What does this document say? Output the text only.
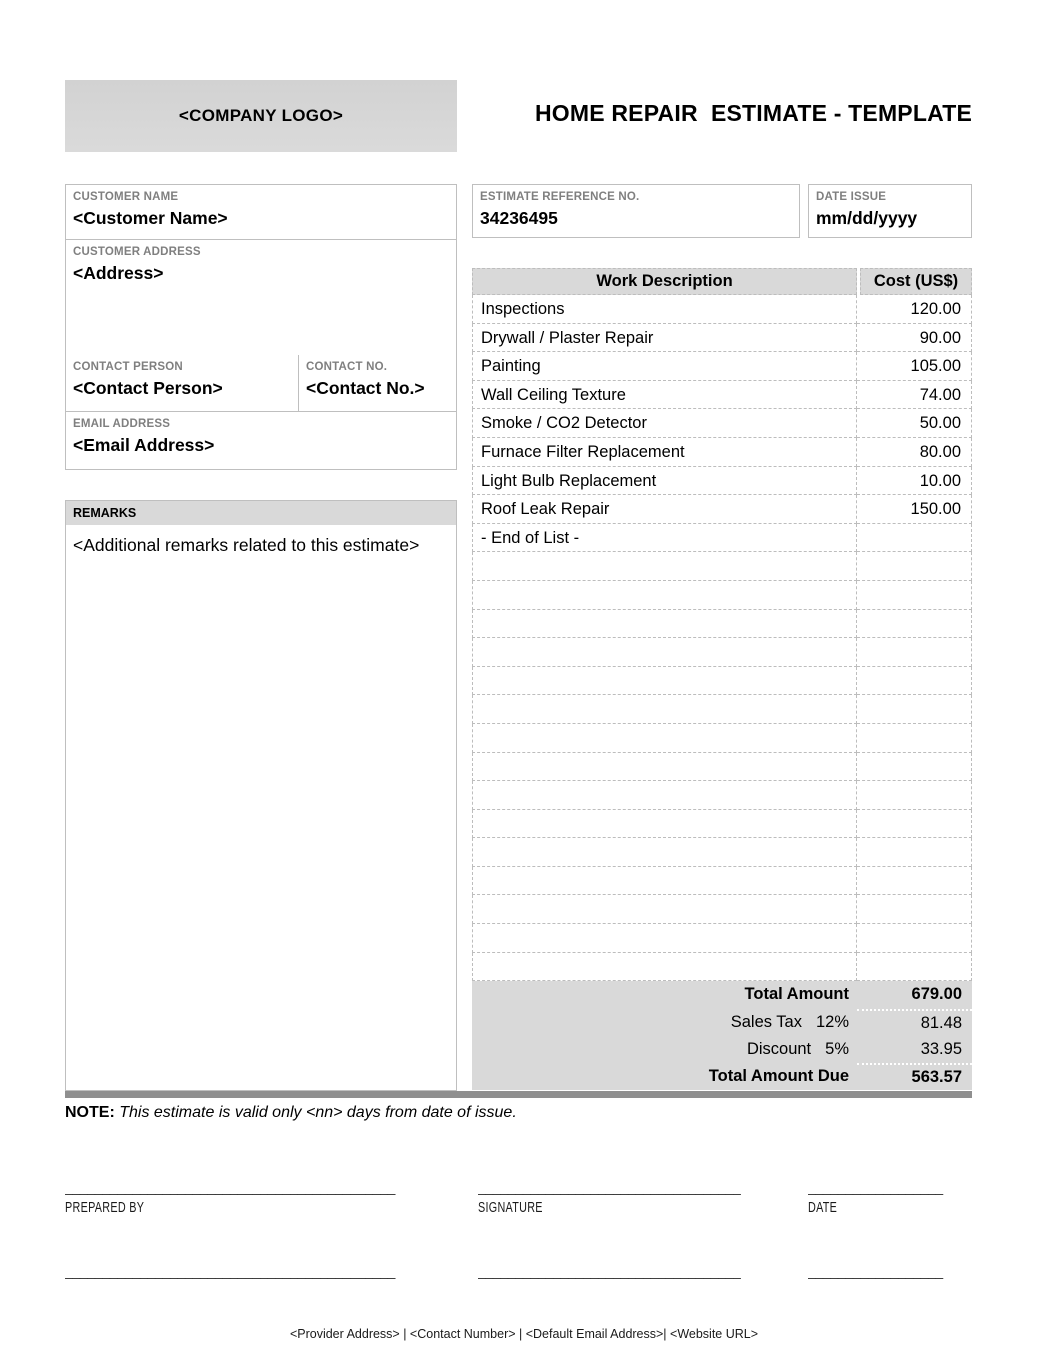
<COMPANY LOGO>	HOME REPAIR  ESTIMATE - TEMPLATE
CUSTOMER NAME
<Customer Name>
CUSTOMER ADDRESS
<Address>
CONTACT PERSON
<Contact Person>
CONTACT NO.
<Contact No.>
EMAIL ADDRESS
<Email Address>
REMARKS
<Additional remarks related to this estimate>
ESTIMATE REFERENCE NO.
34236495
DATE ISSUE
mm/dd/yyyy
Work Description	Cost (US$)
Inspections	120.00
Drywall / Plaster Repair	90.00
Painting	105.00
Wall Ceiling Texture	74.00
Smoke / CO2 Detector	50.00
Furnace Filter Replacement	80.00
Light Bulb Replacement	10.00
Roof Leak Repair	150.00
- End of List -
Total Amount	679.00
Sales Tax 12%	81.48
Discount 5%	33.95
Total Amount Due	563.57
NOTE: This estimate is valid only <nn> days from date of issue.
____________________________________________
PREPARED BY
____________________________________________
___________________________________
SIGNATURE
___________________________________
__________________
DATE
__________________
<Provider Address> | <Contact Number> | <Default Email Address>| <Website URL>
